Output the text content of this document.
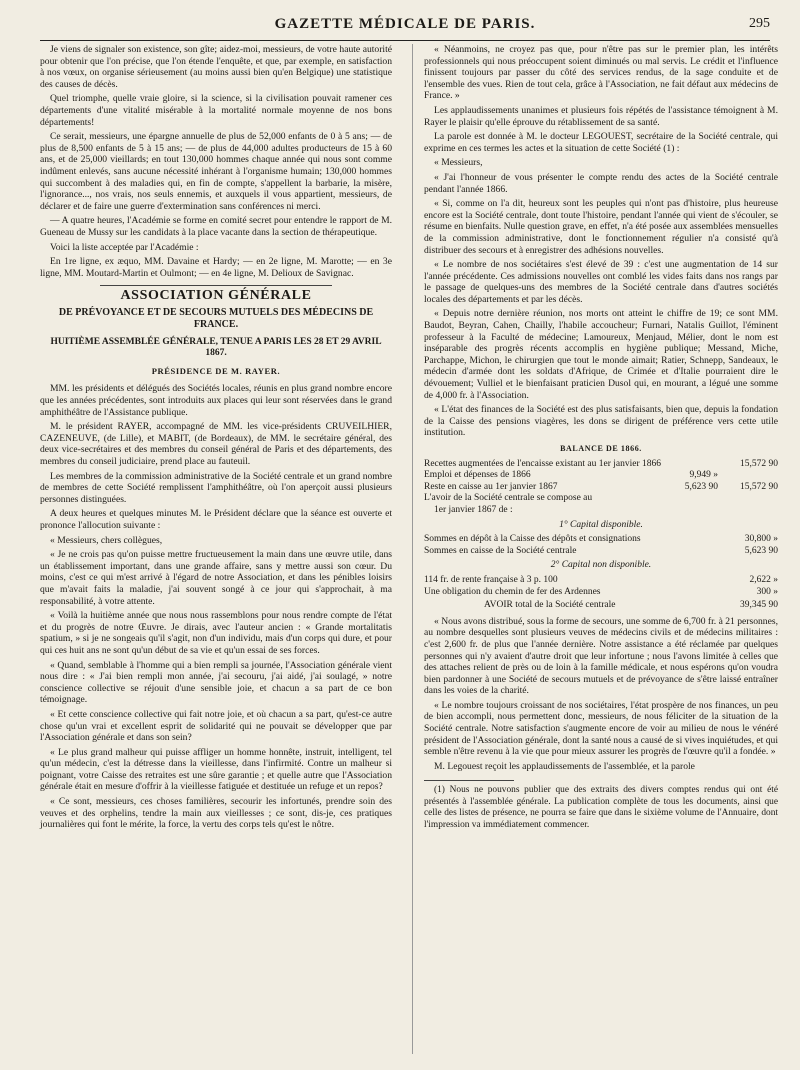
GAZETTE MÉDICALE DE PARIS.	295

Je viens de signaler son existence, son gîte; aidez-moi, messieurs, de votre haute autorité pour obtenir que l'on précise, que l'on étende l'enquête, et que, par exemple, en satisfaction à nos vœux, on organise sérieusement (au moins aussi bien qu'en Belgique) une statistique des causes de décès.

Quel triomphe, quelle vraie gloire, si la science, si la civilisation pouvait ramener ces départements d'une vitalité misérable à la mortalité normale moyenne de nos bons départements!

Ce serait, messieurs, une épargne annuelle de plus de 52,000 enfants de 0 à 5 ans; — de plus de 8,500 enfants de 5 à 15 ans; — de plus de 44,000 adultes producteurs de 15 à 60 ans, et de 25,000 vieillards; en tout 130,000 hommes chaque année qui nous sont comme indûment enlevés, sans aucune nécessité inhérant à l'organisme humain; 130,000 hommes qui succombent à des maladies qui, en fin de compte, s'appellent la barbarie, la misère, l'ignorance..., nos vrais, nos seuls ennemis, et auxquels il vous appartient, messieurs, de déclarer et de faire une guerre d'extermination sans conférences ni merci.

— A quatre heures, l'Académie se forme en comité secret pour entendre le rapport de M. Gueneau de Mussy sur les candidats à la place vacante dans la section de thérapeutique.

Voici la liste acceptée par l'Académie :

En 1re ligne, ex æquo, MM. Davaine et Hardy; — en 2e ligne, M. Marotte; — en 3e ligne, MM. Moutard-Martin et Oulmont; — en 4e ligne, M. Delioux de Savignac.

ASSOCIATION GÉNÉRALE
DE PRÉVOYANCE ET DE SECOURS MUTUELS DES MÉDECINS DE FRANCE.
HUITIÈME ASSEMBLÉE GÉNÉRALE, TENUE A PARIS LES 28 ET 29 AVRIL 1867.
PRÉSIDENCE DE M. RAYER.

MM. les présidents et délégués des Sociétés locales, réunis en plus grand nombre encore que les années précédentes, sont introduits aux places qui leur sont réservées dans le grand amphithéâtre de l'Assistance publique.

M. le président RAYER, accompagné de MM. les vice-présidents CRUVEILHIER, CAZENEUVE, (de Lille), et MABIT, (de Bordeaux), de MM. le secrétaire général, des deux vice-secrétaires et des membres du conseil général de Paris et des départements, des membres du conseil judiciaire, prend place au fauteuil.

Les membres de la commission administrative de la Société centrale et un grand nombre de membres de cette Société remplissent l'amphithéâtre, où l'on aperçoit aussi plusieurs personnes distinguées.

A deux heures et quelques minutes M. le Président déclare que la séance est ouverte et prononce l'allocution suivante :

« Messieurs, chers collègues,

« Je ne crois pas qu'on puisse mettre fructueusement la main dans une œuvre utile, dans un établissement important, dans une grande affaire, sans y mettre aussi son cœur. Du moins, c'est ce qui m'est arrivé à l'égard de notre Association, et dans les pénibles loisirs que m'avait faits la maladie, j'ai souvent songé à ce jour qui s'approchait, à ma responsabilité, à votre attente.

« Voilà la huitième année que nous nous rassemblons pour nous rendre compte de l'état et du progrès de notre Œuvre. Je dirais, avec l'auteur ancien : « Grande mortalitatis spatium, » si je ne songeais qu'il s'agit, non d'un individu, mais d'un corps qui dure, et pour qui ces huit ans ne sont qu'un début de sa vie et qu'un essai de ses forces.

« Quand, semblable à l'homme qui a bien rempli sa journée, l'Association générale vient nous dire : « J'ai bien rempli mon année, j'ai secouru, j'ai aidé, j'ai soulagé, » notre conscience collective se réjouit d'une sensible joie, et chacun a sa part de ce bon témoignage.

« Et cette conscience collective qui fait notre joie, et où chacun a sa part, qu'est-ce autre chose qu'un vrai et excellent esprit de solidarité qui ne pouvait se développer que par l'Association générale et dans son sein?

« Le plus grand malheur qui puisse affliger un homme honnête, instruit, intelligent, tel qu'un médecin, c'est la détresse dans la vieillesse, dans l'infirmité. Contre un malheur si poignant, votre Caisse des retraites est une sûre garantie ; et quelle autre que l'Association générale était en mesure d'offrir à la vieillesse fatiguée et destituée un refuge et un repos?

« Ce sont, messieurs, ces choses familières, secourir les infortunés, prendre soin des veuves et des orphelins, tendre la main aux vieillesses ; ce sont, dis-je, ces pratiques journalières qui font le mérite, la force, la vertu des corps tels qu'est le nôtre.

« Néanmoins, ne croyez pas que, pour n'être pas sur le premier plan, les intérêts professionnels qui nous préoccupent soient diminués ou mal servis. Le crédit et l'influence finissent toujours par passer du côté des services rendus, de la sage conduite et de l'ensemble des vues. Rien de tout cela, grâce à l'Association, ne fait défaut aux médecins de France. »

Les applaudissements unanimes et plusieurs fois répétés de l'assistance témoignent à M. Rayer le plaisir qu'elle éprouve du rétablissement de sa santé.

La parole est donnée à M. le docteur LEGOUEST, secrétaire de la Société centrale, qui exprime en ces termes les actes et la situation de cette Société (1) :

« Messieurs,

« J'ai l'honneur de vous présenter le compte rendu des actes de la Société centrale pendant l'année 1866.

« Si, comme on l'a dit, heureux sont les peuples qui n'ont pas d'histoire, plus heureuse encore est la Société centrale, dont toute l'histoire, pendant l'année qui vient de s'écouler, se résume en bienfaits. Nulle question grave, en effet, n'a été posée aux assemblées mensuelles de la commission administrative, dont le fonctionnement régulier n'a consisté qu'à distribuer des secours et à enregistrer des adhésions nouvelles.

« Le nombre de nos sociétaires s'est élevé de 39 : c'est une augmentation de 14 sur l'année précédente. Ces admissions nouvelles ont comblé les vides faits dans nos rangs par le passage de quelques-uns des membres de la Société centrale dans d'autres sociétés locales des départements et par les décès.

« Depuis notre dernière réunion, nos morts ont atteint le chiffre de 19; ce sont MM. Baudot, Beyran, Cahen, Chailly, l'habile accoucheur; Furnari, Natalis Guillot, l'éminent professeur à la Faculté de médecine; Lamoureux, Menjaud, Mélier, dont le nom est inséparable des progrès récents accomplis en hygiène publique; Messand, Miche, Parchappe, Michon, le chirurgien que tout le monde aimait; Ratier, Schnepp, Sandeaux, le médecin d'armée dont les soldats d'Afrique, de Crimée et d'Italie pourraient dire le dévouement; Vulliel et le bienfaisant praticien Dusol qui, en mourant, a légué une somme de 4,000 fr. à l'Association.

« L'état des finances de la Société est des plus satisfaisants, bien que, depuis la fondation de la Caisse des pensions viagères, les dons se dirigent de préférence vers cette utile institution.

BALANCE DE 1866.
Recettes augmentées de l'encaisse existant au 1er janvier 1866	15,572 90
Emploi et dépenses de 1866	9,949 »
Reste en caisse au 1er janvier 1867	5,623 90	15,572 90
L'avoir de la Société centrale se compose au
1er janvier 1867 de :
1° Capital disponible.
Sommes en dépôt à la Caisse des dépôts et consignations	30,800 »
Sommes en caisse de la Société centrale	5,623 90
2° Capital non disponible.
114 fr. de rente française à 3 p. 100	2,622 »
Une obligation du chemin de fer des Ardennes	300 »
AVOIR total de la Société centrale	39,345 90

« Nous avons distribué, sous la forme de secours, une somme de 6,700 fr. à 21 personnes, au nombre desquelles sont plusieurs veuves de médecins civils et de médecins militaires : c'est 2,600 fr. de plus que l'année dernière. Notre assistance a été réclamée par quelques personnes qui n'y avaient d'autre droit que leur infortune ; nous l'avons limitée à celles que des attaches relient de près ou de loin à la famille médicale, et nous espérons qu'on voudra bien pardonner à une Société de secours mutuels et de prévoyance de s'être laissé entraîner dans les voies de la charité.

« Le nombre toujours croissant de nos sociétaires, l'état prospère de nos finances, un peu de bien accompli, nous permettent donc, messieurs, de nous féliciter de la situation de la Société centrale. Notre satisfaction s'augmente encore de voir au milieu de nous le vénéré président de l'Association générale, dont la santé nous a causé de si vives inquiétudes, et qui semble n'être revenu à la vie que pour mieux assurer les progrès de l'œuvre qu'il a fondée. »

M. Legouest reçoit les applaudissements de l'assemblée, et la parole

(1) Nous ne pouvons publier que des extraits des divers comptes rendus qui ont été présentés à l'assemblée générale. La publication complète de tous les documents, ainsi que celle des listes de présence, ne pourra se faire que dans le sixième volume de l'Annuaire, dont l'impression va immédiatement commencer.
